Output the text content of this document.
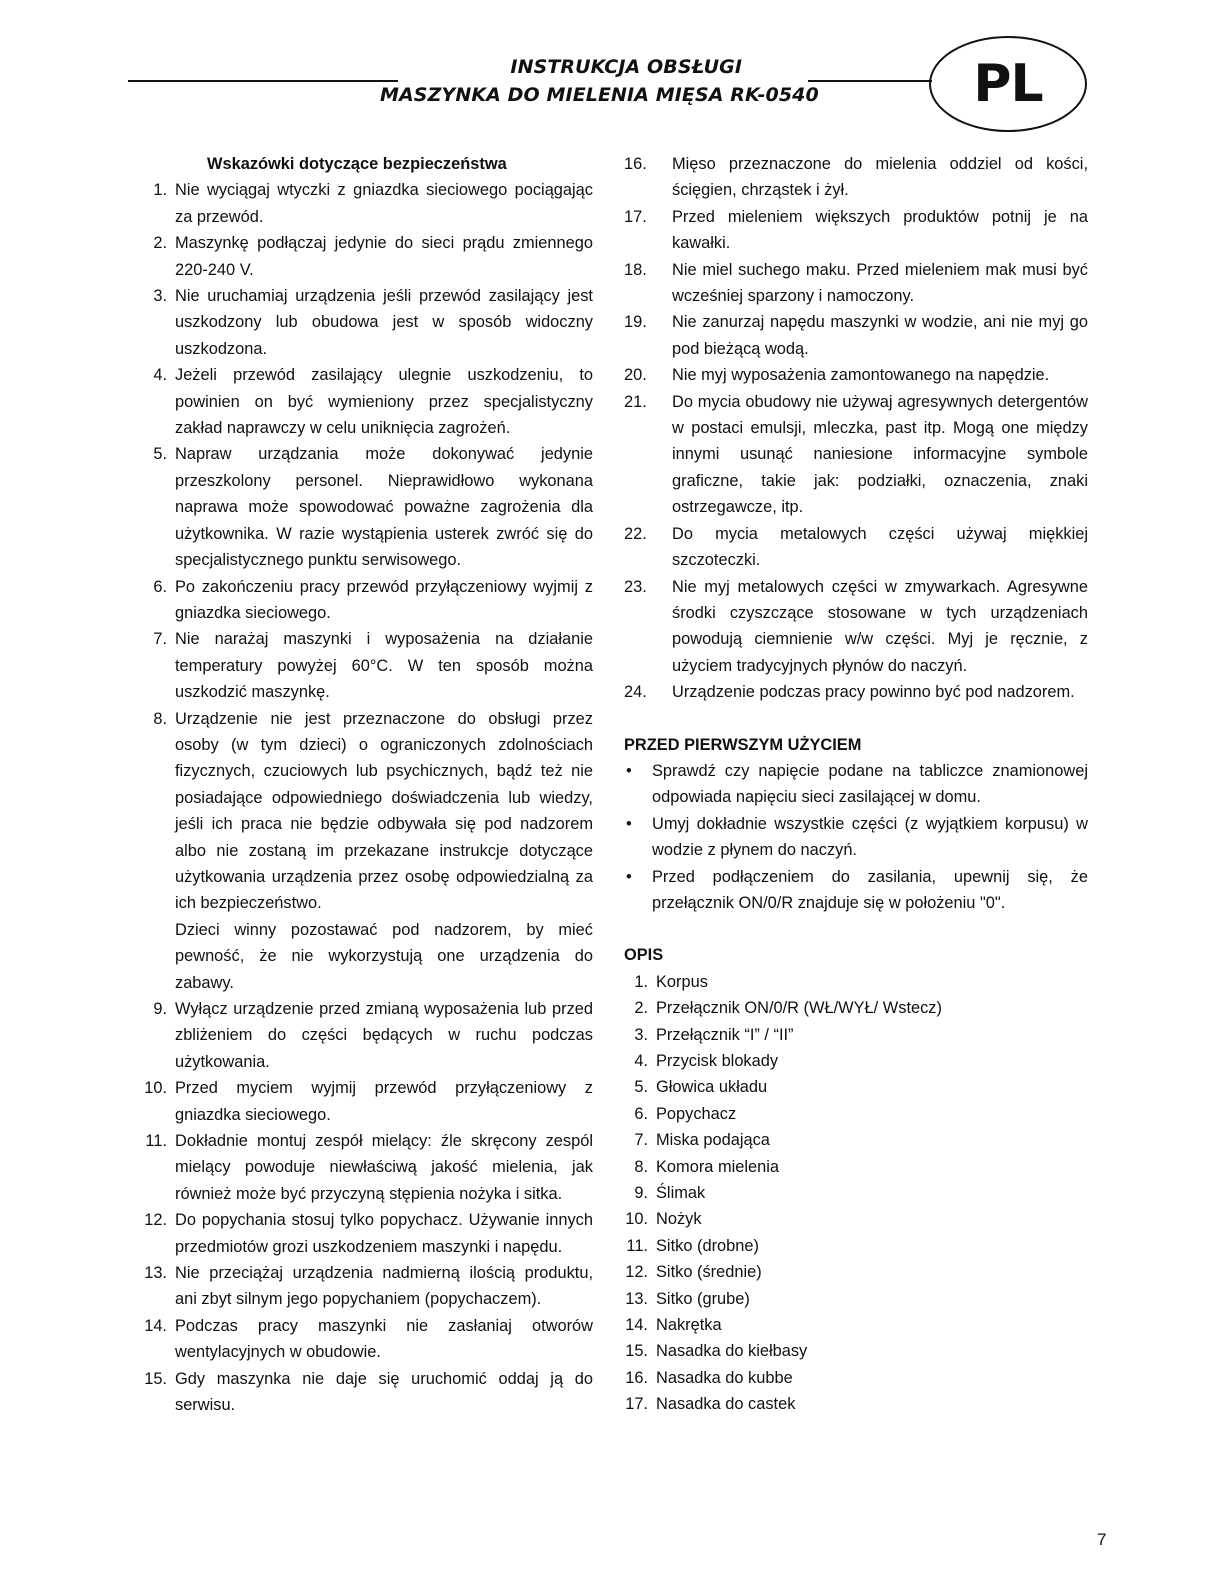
INSTRUKCJA OBSŁUGI
MASZYNKA DO MIELENIA MIĘSA RK-0540	PL
Wskazówki dotyczące bezpieczeństwa
1. Nie wyciągaj wtyczki z gniazdka sieciowego pociągając za przewód.
2. Maszynkę podłączaj jedynie do sieci prądu zmiennego 220-240 V.
3. Nie uruchamiaj urządzenia jeśli przewód zasilający jest uszkodzony lub obudowa jest w sposób widoczny uszkodzona.
4. Jeżeli przewód zasilający ulegnie uszkodzeniu, to powinien on być wymieniony przez specjalistyczny zakład naprawczy w celu uniknięcia zagrożeń.
5. Napraw urządzania może dokonywać jedynie przeszkolony personel. Nieprawidłowo wykonana naprawa może spowodować poważne zagrożenia dla użytkownika. W razie wystąpienia usterek zwróć się do specjalistycznego punktu serwisowego.
6. Po zakończeniu pracy przewód przyłączeniowy wyjmij z gniazdka sieciowego.
7. Nie narażaj maszynki i wyposażenia na działanie temperatury powyżej 60°C. W ten sposób można uszkodzić maszynkę.
8. Urządzenie nie jest przeznaczone do obsługi przez osoby (w tym dzieci) o ograniczonych zdolnościach fizycznych, czuciowych lub psychicznych, bądź też nie posiadające odpowiedniego doświadczenia lub wiedzy, jeśli ich praca nie będzie odbywała się pod nadzorem albo nie zostaną im przekazane instrukcje dotyczące użytkowania urządzenia przez osobę odpowiedzialną za ich bezpieczeństwo.
Dzieci winny pozostawać pod nadzorem, by mieć pewność, że nie wykorzystują one urządzenia do zabawy.
9. Wyłącz urządzenie przed zmianą wyposażenia lub przed zbliżeniem do części będących w ruchu podczas użytkowania.
10. Przed myciem wyjmij przewód przyłączeniowy z gniazdka sieciowego.
11. Dokładnie montuj zespół mielący: źle skręcony zespól mielący powoduje niewłaściwą jakość mielenia, jak również może być przyczyną stępienia nożyka i sitka.
12. Do popychania stosuj tylko popychacz. Używanie innych przedmiotów grozi uszkodzeniem maszynki i napędu.
13. Nie przeciążaj urządzenia nadmierną ilością produktu, ani zbyt silnym jego popychaniem (popychaczem).
14. Podczas pracy maszynki nie zasłaniaj otworów wentylacyjnych w obudowie.
15. Gdy maszynka nie daje się uruchomić oddaj ją do serwisu.
16.	Mięso przeznaczone do mielenia oddziel od kości, ścięgien, chrząstek i żył.
17.	Przed mieleniem większych produktów potnij je na kawałki.
18.	Nie miel suchego maku. Przed mieleniem mak musi być wcześniej sparzony i namoczony.
19.	Nie zanurzaj napędu maszynki w wodzie, ani nie myj go pod bieżącą wodą.
20.	Nie myj wyposażenia zamontowanego na napędzie.
21.	Do mycia obudowy nie używaj agresywnych detergentów w postaci emulsji, mleczka, past itp. Mogą one między innymi usunąć naniesione informacyjne symbole graficzne, takie jak: podziałki, oznaczenia, znaki ostrzegawcze, itp.
22.	Do mycia metalowych części używaj miękkiej szczoteczki.
23.	Nie myj metalowych części w zmywarkach. Agresywne środki czyszczące stosowane w tych urządzeniach powodują ciemnienie w/w części. Myj je ręcznie, z użyciem tradycyjnych płynów do naczyń.
24.	Urządzenie podczas pracy powinno być pod nadzorem.
PRZED PIERWSZYM UŻYCIEM
•	Sprawdź czy napięcie podane na tabliczce znamionowej odpowiada napięciu sieci zasilającej w domu.
•	Umyj dokładnie wszystkie części (z wyjątkiem korpusu) w wodzie z płynem do naczyń.
•	Przed podłączeniem do zasilania, upewnij się, że przełącznik ON/0/R znajduje się w położeniu "0".
OPIS
1. Korpus
2. Przełącznik ON/0/R (WŁ/WYŁ/ Wstecz)
3. Przełącznik “I” / “II”
4. Przycisk blokady
5. Głowica układu
6. Popychacz
7. Miska podająca
8. Komora mielenia
9. Ślimak
10. Nożyk
11. Sitko (drobne)
12. Sitko (średnie)
13. Sitko (grube)
14. Nakrętka
15. Nasadka do kiełbasy
16. Nasadka do kubbe
17. Nasadka do castek
7
